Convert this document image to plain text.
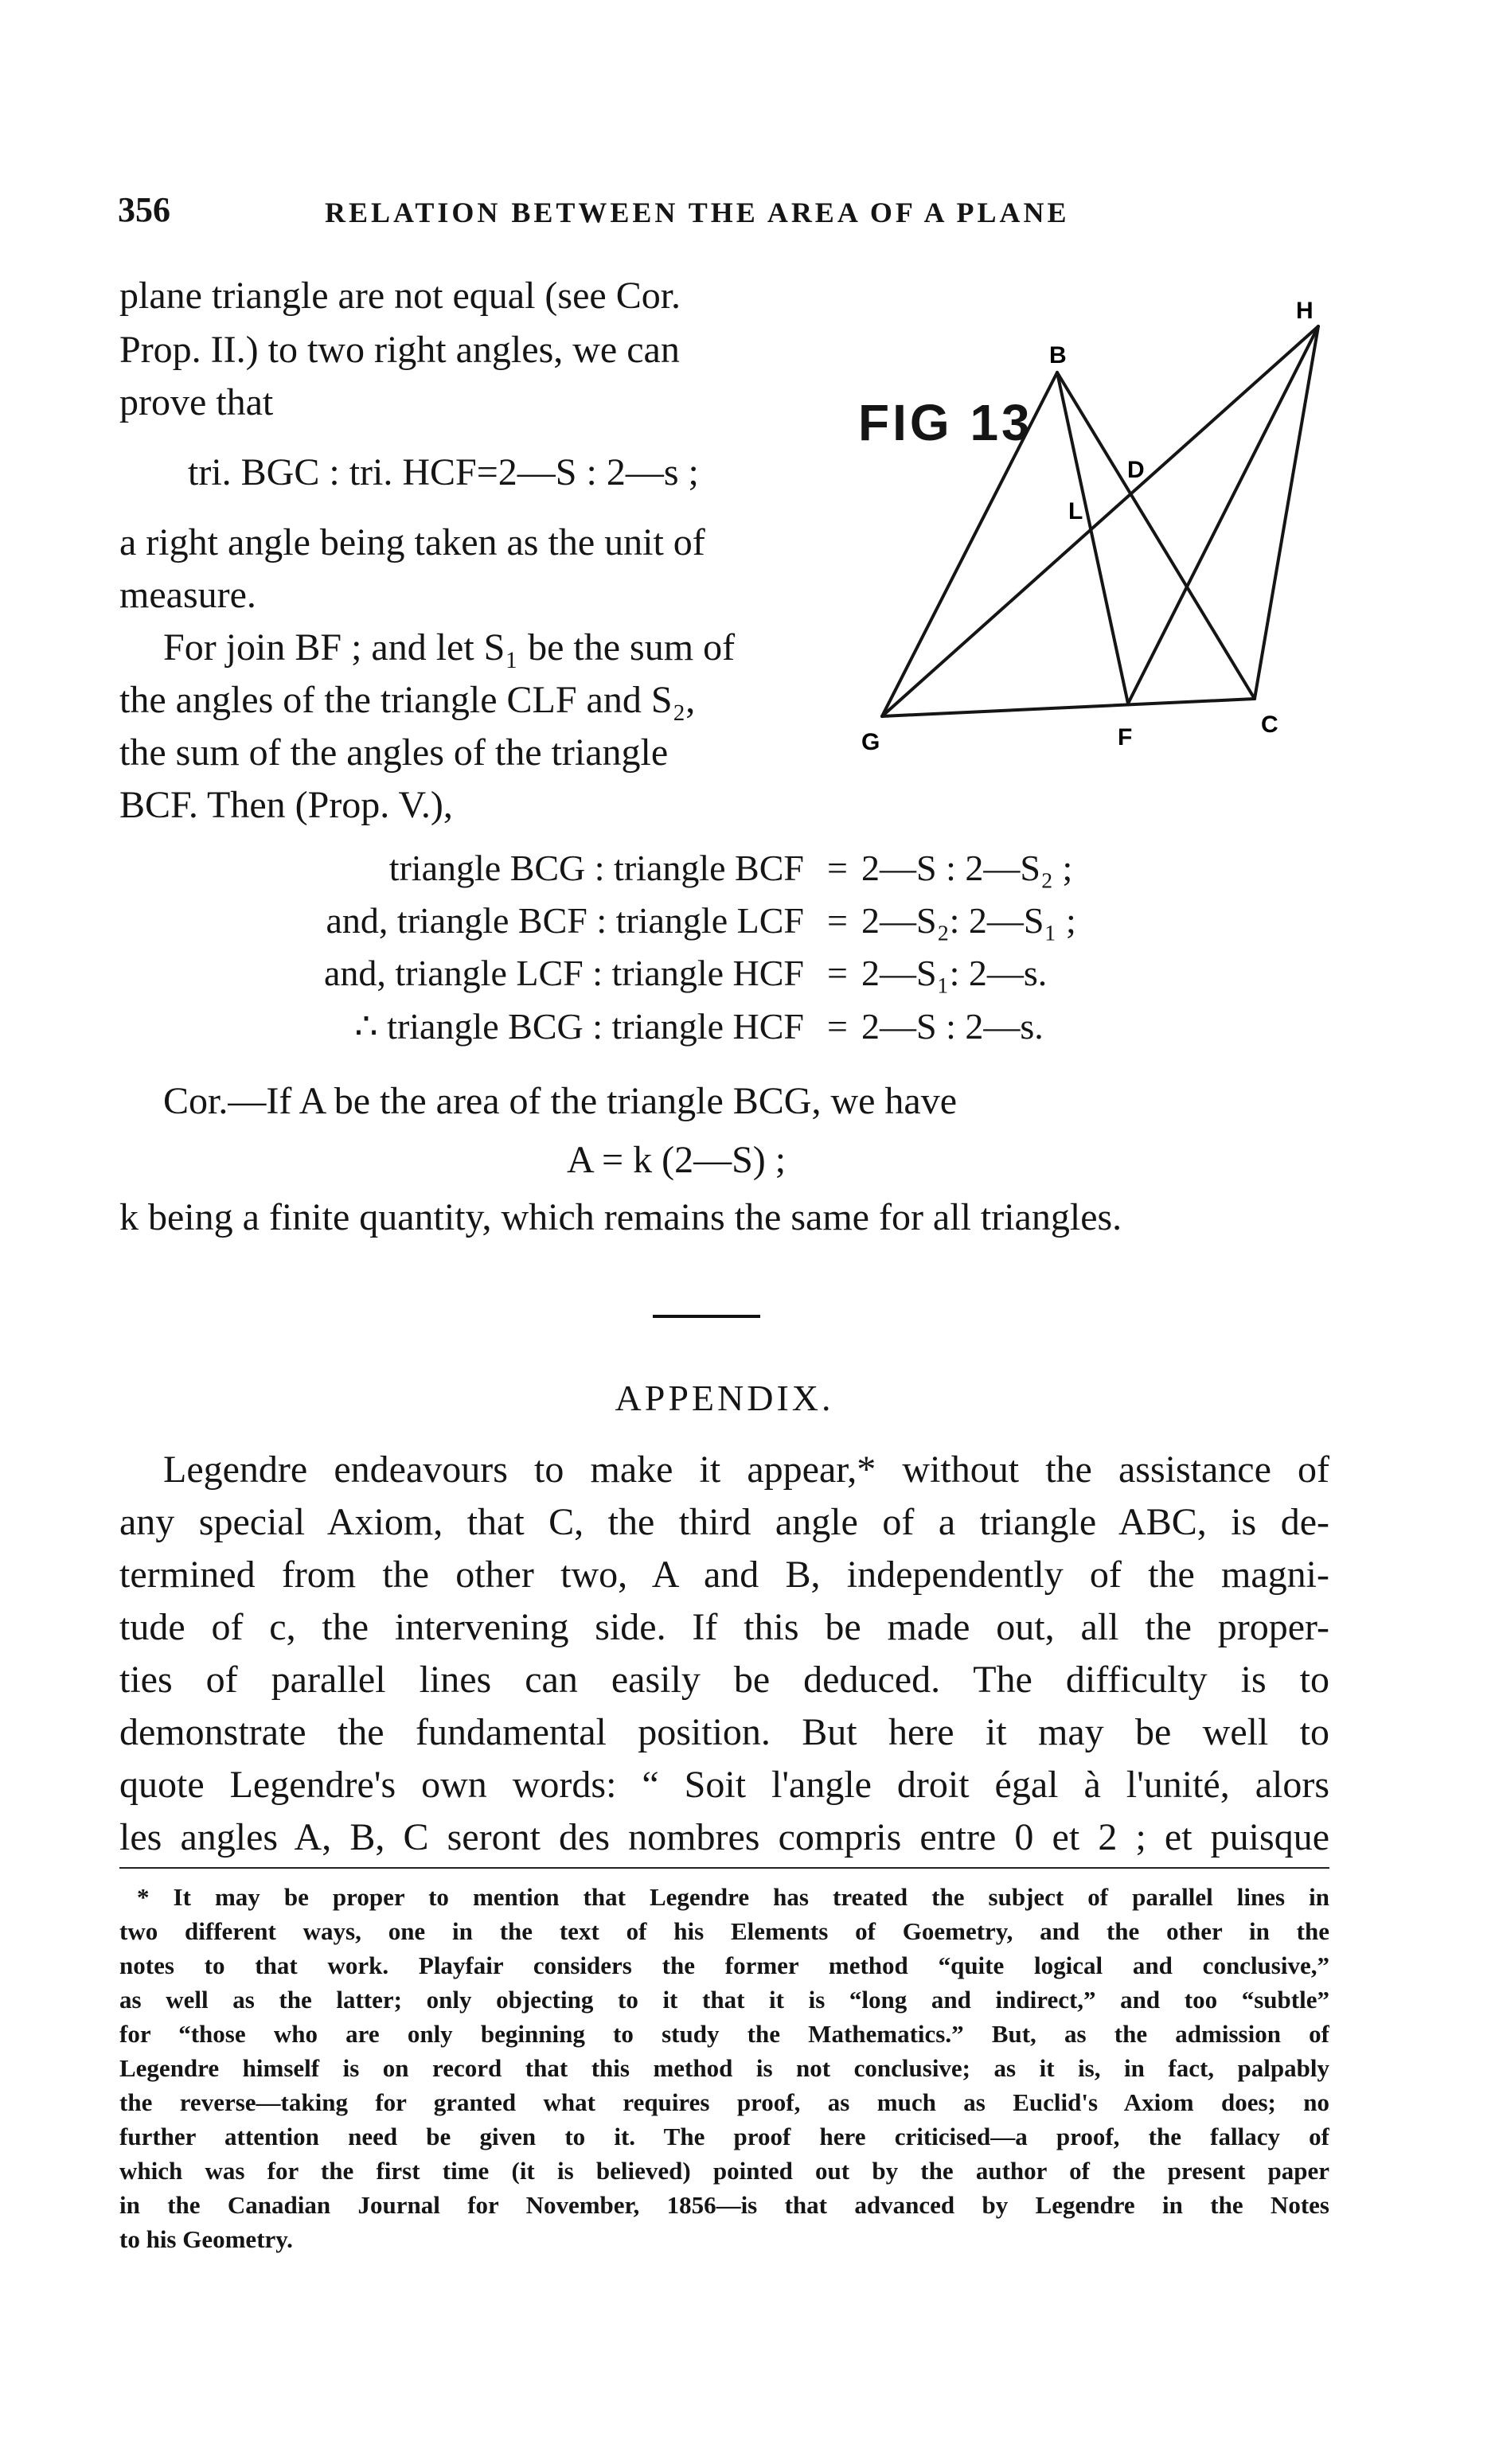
356	RELATION BETWEEN THE AREA OF A PLANE
plane triangle are not equal (see Cor.
Prop. II.) to two right angles, we can
prove that
tri. BGC : tri. HCF=2—S : 2—s ;
a right angle being taken as the unit of
measure.
For join BF ; and let S₁ be the sum of
the angles of the triangle CLF and S₂,
the sum of the angles of the triangle
BCF. Then (Prop. V.),
FIG 13
H
B
D
L
G	F	C
triangle BCG : triangle BCF = 2—S : 2—S₂ ;
and, triangle BCF : triangle LCF = 2—S₂: 2—S₁ ;
and, triangle LCF : triangle HCF = 2—S₁: 2—s.
∴ triangle BCG : triangle HCF = 2—S : 2—s.
Cor.—If A be the area of the triangle BCG, we have
A = k (2—S) ;
k being a finite quantity, which remains the same for all triangles.
APPENDIX.
Legendre endeavours to make it appear,* without the assistance of
any special Axiom, that C, the third angle of a triangle ABC, is de-
termined from the other two, A and B, independently of the magni-
tude of c, the intervening side. If this be made out, all the proper-
ties of parallel lines can easily be deduced. The difficulty is to
demonstrate the fundamental position. But here it may be well to
quote Legendre's own words: “ Soit l'angle droit égal à l'unité, alors
les angles A, B, C seront des nombres compris entre 0 et 2 ; et puisque
* It may be proper to mention that Legendre has treated the subject of parallel lines in
two different ways, one in the text of his Elements of Goemetry, and the other in the
notes to that work. Playfair considers the former method “quite logical and conclusive,”
as well as the latter; only objecting to it that it is “long and indirect,” and too “subtle”
for “those who are only beginning to study the Mathematics.” But, as the admission of
Legendre himself is on record that this method is not conclusive; as it is, in fact, palpably
the reverse—taking for granted what requires proof, as much as Euclid's Axiom does; no
further attention need be given to it. The proof here criticised—a proof, the fallacy of
which was for the first time (it is believed) pointed out by the author of the present paper
in the Canadian Journal for November, 1856—is that advanced by Legendre in the Notes
to his Geometry.
